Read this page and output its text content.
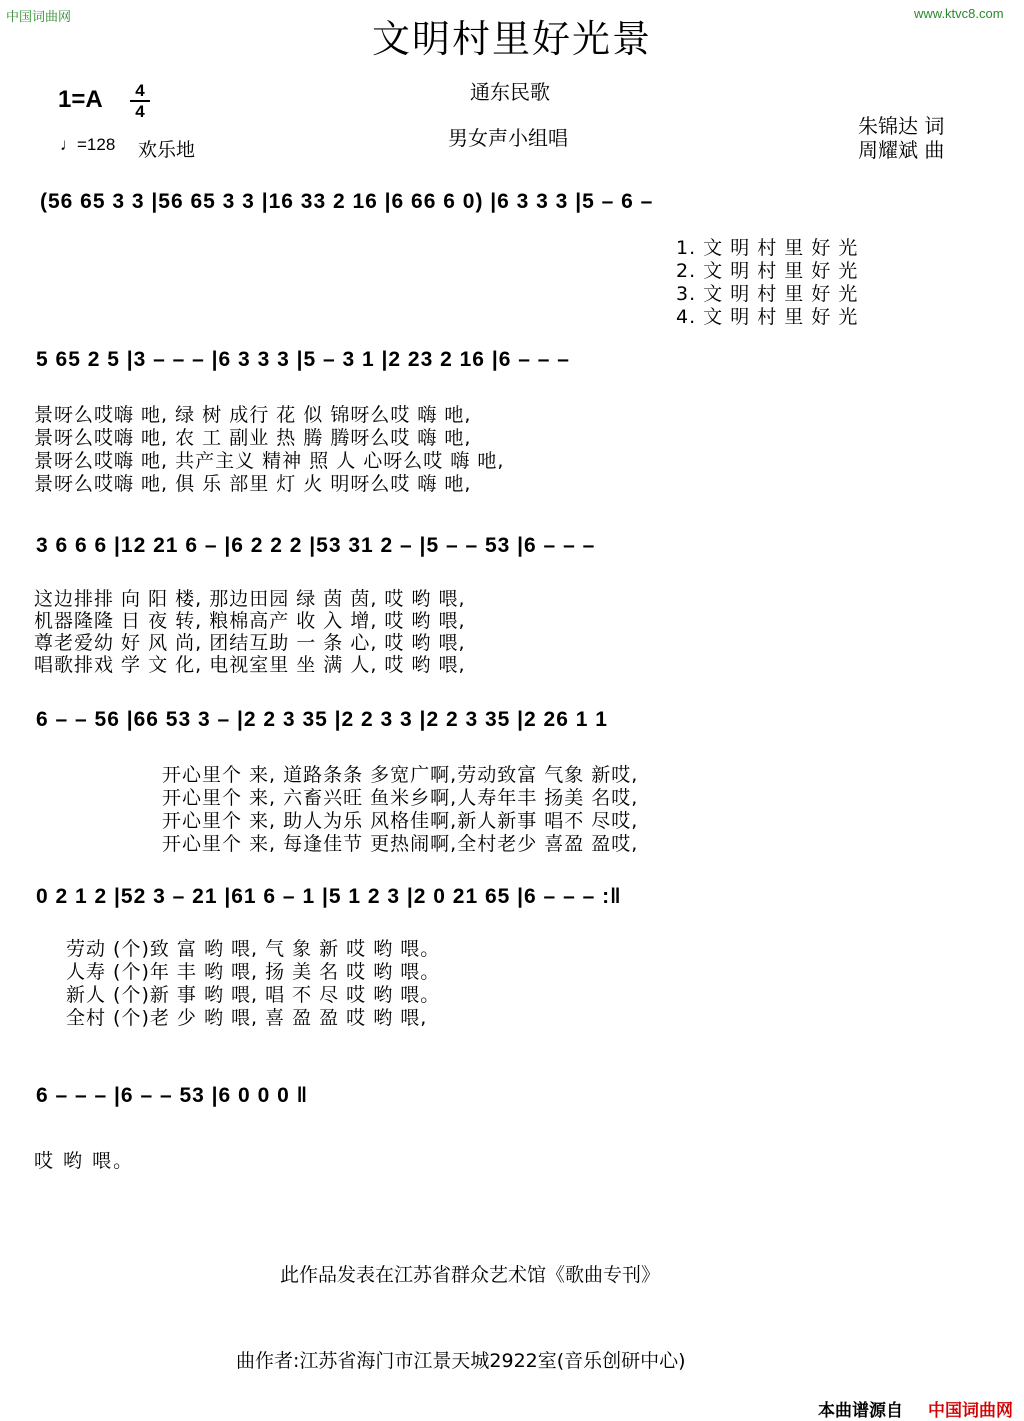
中国词曲网	www.ktvc8.com
文明村里好光景
通东民歌
男女声小组唱	朱锦达 词
周耀斌 曲
1=A	4
4
♩=128 欢乐地
(56 65 3 3 |56 65 3 3 |16 33 2 16 |6 66 6 0) |6 3 3 3 |5 – 6 –
1. 文 明 村 里 好 光
2. 文 明 村 里 好 光
3. 文 明 村 里 好 光
4. 文 明 村 里 好 光
5 65 2 5 |3 – – – |6 3 3 3 |5 – 3 1 |2 23 2 16 |6 – – –
景呀么哎嗨 吔, 绿 树 成行 花 似 锦呀么哎 嗨 吔,
景呀么哎嗨 吔, 农 工 副业 热 腾 腾呀么哎 嗨 吔,
景呀么哎嗨 吔, 共产主义 精神 照 人 心呀么哎 嗨 吔,
景呀么哎嗨 吔, 俱 乐 部里 灯 火 明呀么哎 嗨 吔,
3 6 6 6 |12 21 6 – |6 2 2 2 |53 31 2 – |5 – – 53 |6 – – –
这边排排 向 阳 楼, 那边田园 绿 茵 茵, 哎 哟 喂,
机器隆隆 日 夜 转, 粮棉高产 收 入 增, 哎 哟 喂,
尊老爱幼 好 风 尚, 团结互助 一 条 心, 哎 哟 喂,
唱歌排戏 学 文 化, 电视室里 坐 满 人, 哎 哟 喂,
6 – – 56 |66 53 3 – |2 2 3 35 |2 2 3 3 |2 2 3 35 |2 26 1 1
开心里个 来, 道路条条 多宽广啊,劳动致富 气象 新哎,
开心里个 来, 六畜兴旺 鱼米乡啊,人寿年丰 扬美 名哎,
开心里个 来, 助人为乐 风格佳啊,新人新事 唱不 尽哎,
开心里个 来, 每逢佳节 更热闹啊,全村老少 喜盈 盈哎,
0 2 1 2 |52 3 – 21 |61 6 – 1 |5 1 2 3 |2 0 21 65 |6 – – – :‖
劳动 (个)致 富 哟 喂, 气 象 新 哎 哟 喂。
人寿 (个)年 丰 哟 喂, 扬 美 名 哎 哟 喂。
新人 (个)新 事 哟 喂, 唱 不 尽 哎 哟 喂。
全村 (个)老 少 哟 喂, 喜 盈 盈 哎 哟 喂,
6 – – – |6 – – 53 |6 0 0 0 ‖
哎 哟 喂。
此作品发表在江苏省群众艺术馆《歌曲专刊》
曲作者:江苏省海门市江景天城2922室(音乐创研中心)
本曲谱源自 中国词曲网
